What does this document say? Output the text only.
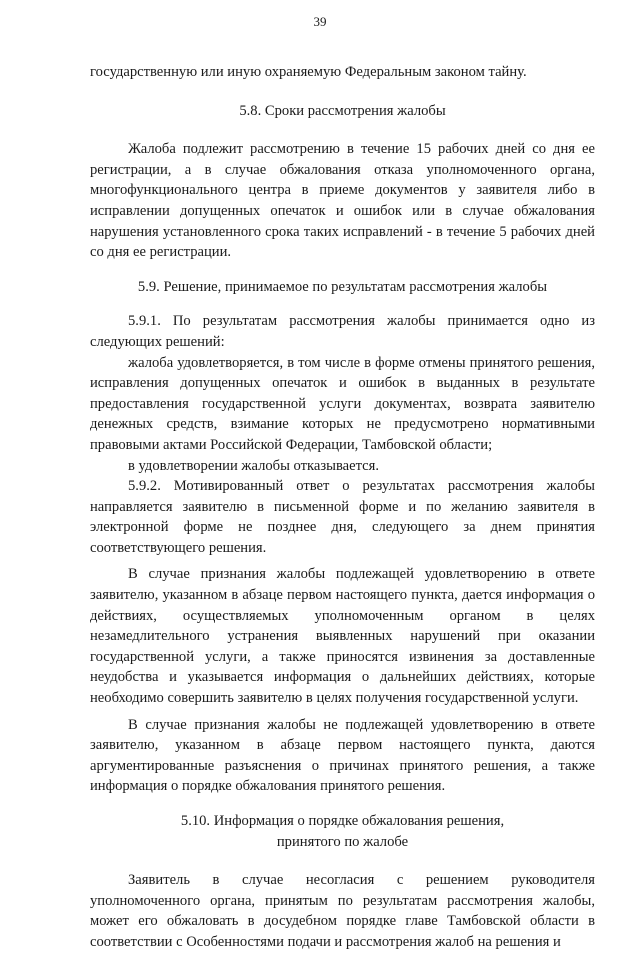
39

государственную или иную охраняемую Федеральным законом тайну.

5.8. Сроки рассмотрения жалобы

Жалоба подлежит рассмотрению в течение 15 рабочих дней со дня ее регистрации, а в случае обжалования отказа уполномоченного органа, многофункционального центра в приеме документов у заявителя либо в исправлении допущенных опечаток и ошибок или в случае обжалования нарушения установленного срока таких исправлений - в течение 5 рабочих дней со дня ее регистрации.

5.9. Решение, принимаемое по результатам рассмотрения жалобы

5.9.1. По результатам рассмотрения жалобы принимается одно из следующих решений:

жалоба удовлетворяется, в том числе в форме отмены принятого решения, исправления допущенных опечаток и ошибок в выданных в результате предоставления государственной услуги документах, возврата заявителю денежных средств, взимание которых не предусмотрено нормативными правовыми актами Российской Федерации, Тамбовской области;

в удовлетворении жалобы отказывается.

5.9.2. Мотивированный ответ о результатах рассмотрения жалобы направляется заявителю в письменной форме и по желанию заявителя в электронной форме не позднее дня, следующего за днем принятия соответствующего решения.

В случае признания жалобы подлежащей удовлетворению в ответе заявителю, указанном в абзаце первом настоящего пункта, дается информация о действиях, осуществляемых уполномоченным органом в целях незамедлительного устранения выявленных нарушений при оказании государственной услуги, а также приносятся извинения за доставленные неудобства и указывается информация о дальнейших действиях, которые необходимо совершить заявителю в целях получения государственной услуги.

В случае признания жалобы не подлежащей удовлетворению в ответе заявителю, указанном в абзаце первом настоящего пункта, даются аргументированные разъяснения о причинах принятого решения, а также информация о порядке обжалования принятого решения.

5.10. Информация о порядке обжалования решения,

принятого по жалобе

Заявитель в случае несогласия с решением руководителя уполномоченного органа, принятым по результатам рассмотрения жалобы, может его обжаловать в досудебном порядке главе Тамбовской области в соответствии с Особенностями подачи и рассмотрения жалоб на решения и
